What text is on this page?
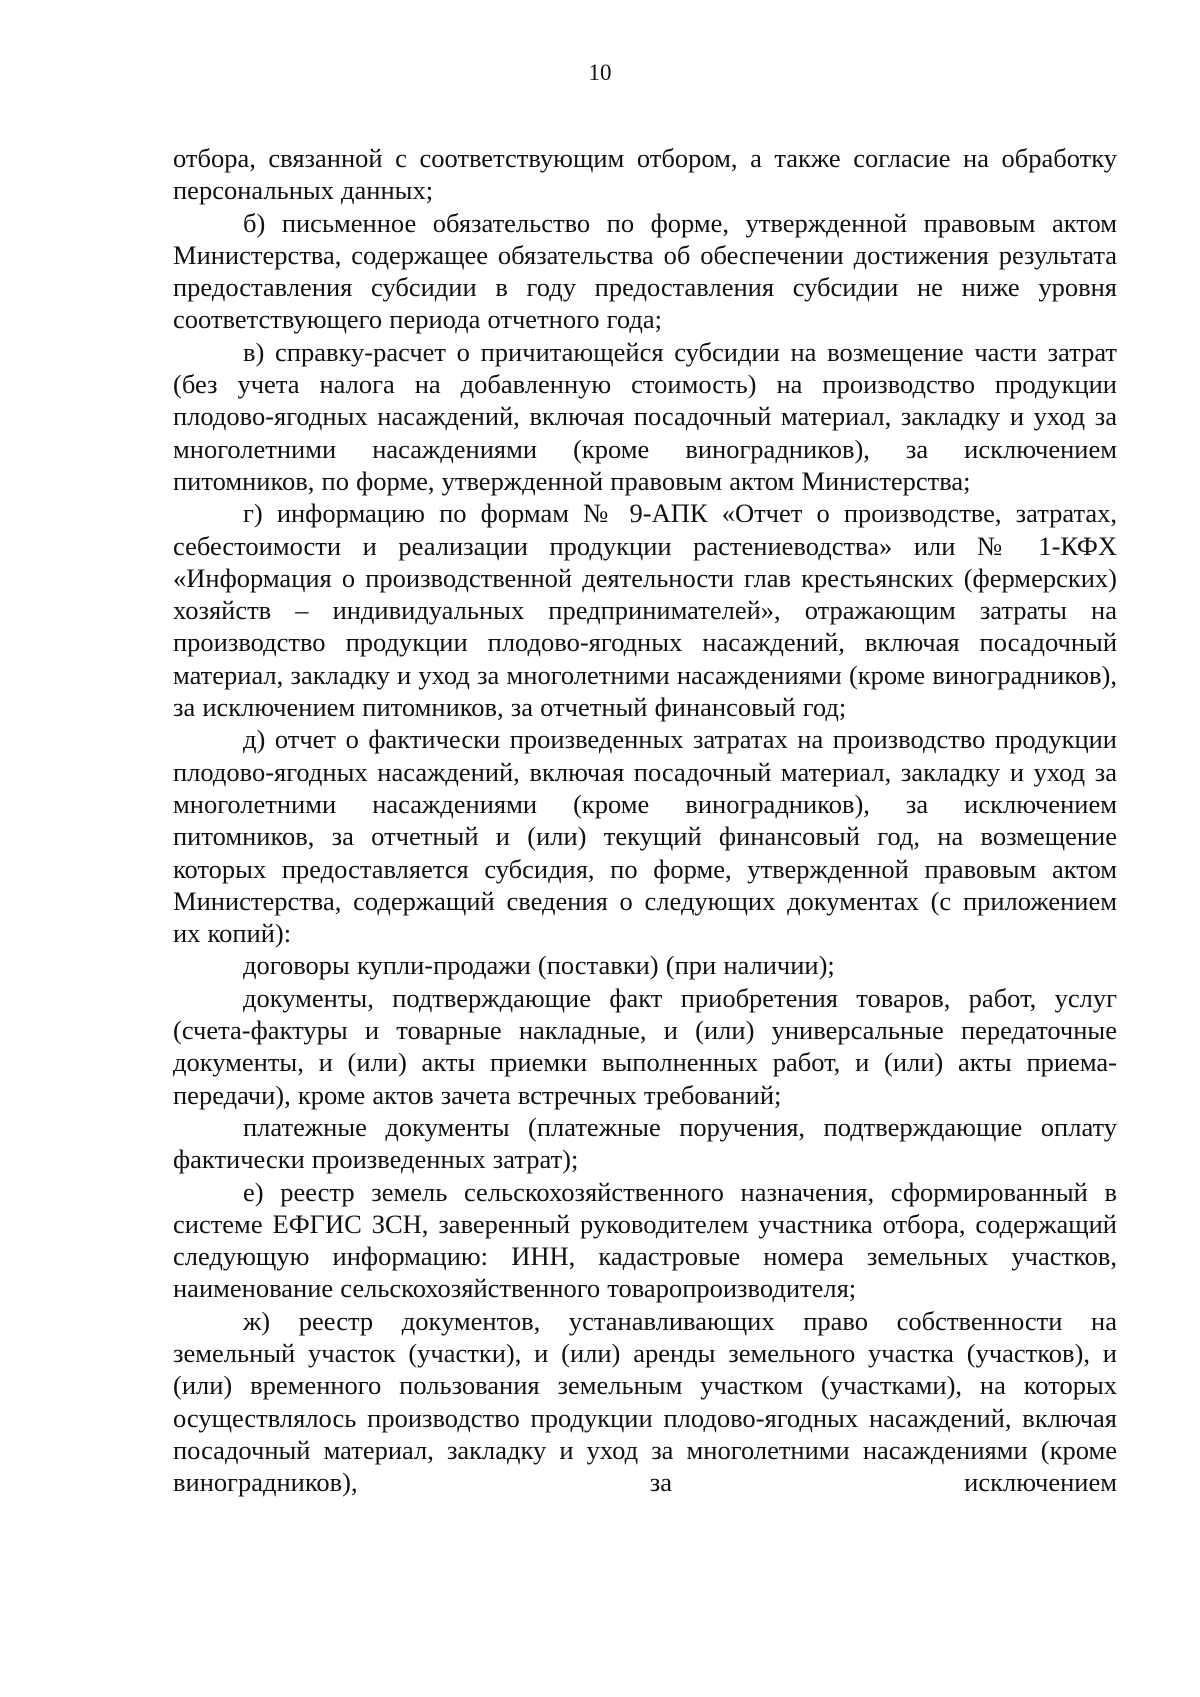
10

отбора, связанной с соответствующим отбором, а также согласие на обработку персональных данных;

б) письменное обязательство по форме, утвержденной правовым актом Министерства, содержащее обязательства об обеспечении достижения результата предоставления субсидии в году предоставления субсидии не ниже уровня соответствующего периода отчетного года;

в) справку-расчет о причитающейся субсидии на возмещение части затрат (без учета налога на добавленную стоимость) на производство продукции плодово-ягодных насаждений, включая посадочный материал, закладку и уход за многолетними насаждениями (кроме виноградников), за исключением питомников, по форме, утвержденной правовым актом Министерства;

г) информацию по формам № 9-АПК «Отчет о производстве, затратах, себестоимости и реализации продукции растениеводства» или № 1-КФХ «Информация о производственной деятельности глав крестьянских (фермерских) хозяйств – индивидуальных предпринимателей», отражающим затраты на производство продукции плодово-ягодных насаждений, включая посадочный материал, закладку и уход за многолетними насаждениями (кроме виноградников), за исключением питомников, за отчетный финансовый год;

д) отчет о фактически произведенных затратах на производство продукции плодово-ягодных насаждений, включая посадочный материал, закладку и уход за многолетними насаждениями (кроме виноградников), за исключением питомников, за отчетный и (или) текущий финансовый год, на возмещение которых предоставляется субсидия, по форме, утвержденной правовым актом Министерства, содержащий сведения о следующих документах (с приложением их копий):

договоры купли-продажи (поставки) (при наличии);

документы, подтверждающие факт приобретения товаров, работ, услуг (счета-фактуры и товарные накладные, и (или) универсальные передаточные документы, и (или) акты приемки выполненных работ, и (или) акты приема-передачи), кроме актов зачета встречных требований;

платежные документы (платежные поручения, подтверждающие оплату фактически произведенных затрат);

е) реестр земель сельскохозяйственного назначения, сформированный в системе ЕФГИС ЗСН, заверенный руководителем участника отбора, содержащий следующую информацию: ИНН, кадастровые номера земельных участков, наименование сельскохозяйственного товаропроизводителя;

ж) реестр документов, устанавливающих право собственности на земельный участок (участки), и (или) аренды земельного участка (участков), и (или) временного пользования земельным участком (участками), на которых осуществлялось производство продукции плодово-ягодных насаждений, включая посадочный материал, закладку и уход за многолетними насаждениями (кроме виноградников), за исключением
